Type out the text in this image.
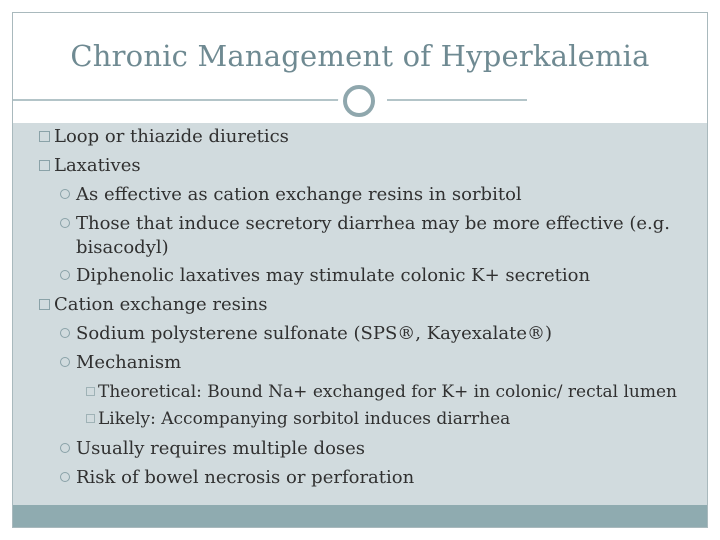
Chronic Management of Hyperkalemia
Loop or thiazide diuretics
Laxatives
As effective as cation exchange resins in sorbitol
Those that induce secretory diarrhea may be more effective (e.g.
bisacodyl)
Diphenolic laxatives may stimulate colonic K+ secretion
Cation exchange resins
Sodium polysterene sulfonate (SPS®, Kayexalate®)
Mechanism
Theoretical: Bound Na+ exchanged for K+ in colonic/ rectal lumen
Likely: Accompanying sorbitol induces diarrhea
Usually requires multiple doses
Risk of bowel necrosis or perforation
